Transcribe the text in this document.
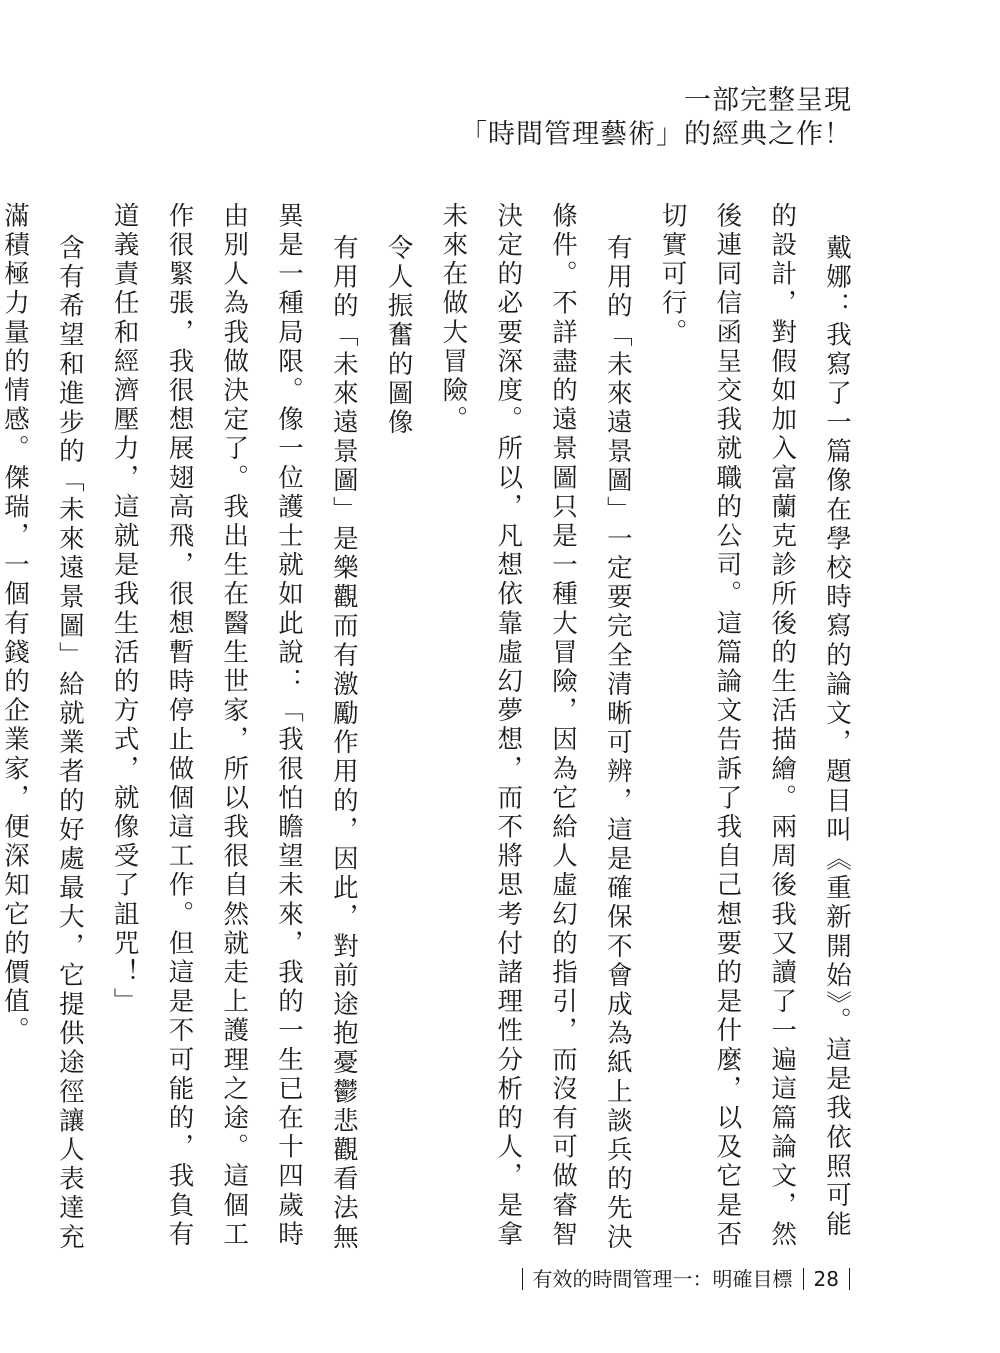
一部完整呈現
「時間管理藝術」的經典之作！

戴娜：我寫了一篇像在學校時寫的論文，題目叫《重新開始》。這是我依照可能的設計，對假如加入富蘭克診所後的生活描繪。兩周後我又讀了一遍這篇論文，然後連同信函呈交我就職的公司。這篇論文告訴了我自己想要的是什麼，以及它是否切實可行。

有用的「未來遠景圖」一定要完全清晰可辨，這是確保不會成為紙上談兵的先決條件。不詳盡的遠景圖只是一種大冒險，因為它給人虛幻的指引，而沒有可做睿智決定的必要深度。所以，凡想依靠虛幻夢想，而不將思考付諸理性分析的人，是拿未來在做大冒險。

令人振奮的圖像

有用的「未來遠景圖」是樂觀而有激勵作用的，因此，對前途抱憂鬱悲觀看法無異是一種局限。像一位護士就如此說：「我很怕瞻望未來，我的一生已在十四歲時由別人為我做決定了。我出生在醫生世家，所以我很自然就走上護理之途。這個工作很緊張，我很想展翅高飛，很想暫時停止做個這工作。但這是不可能的，我負有道義責任和經濟壓力，這就是我生活的方式，就像受了詛咒！」

含有希望和進步的「未來遠景圖」給就業者的好處最大，它提供途徑讓人表達充滿積極力量的情感。傑瑞，一個有錢的企業家，便深知它的價值。

有效的時間管理一：明確目標 28
